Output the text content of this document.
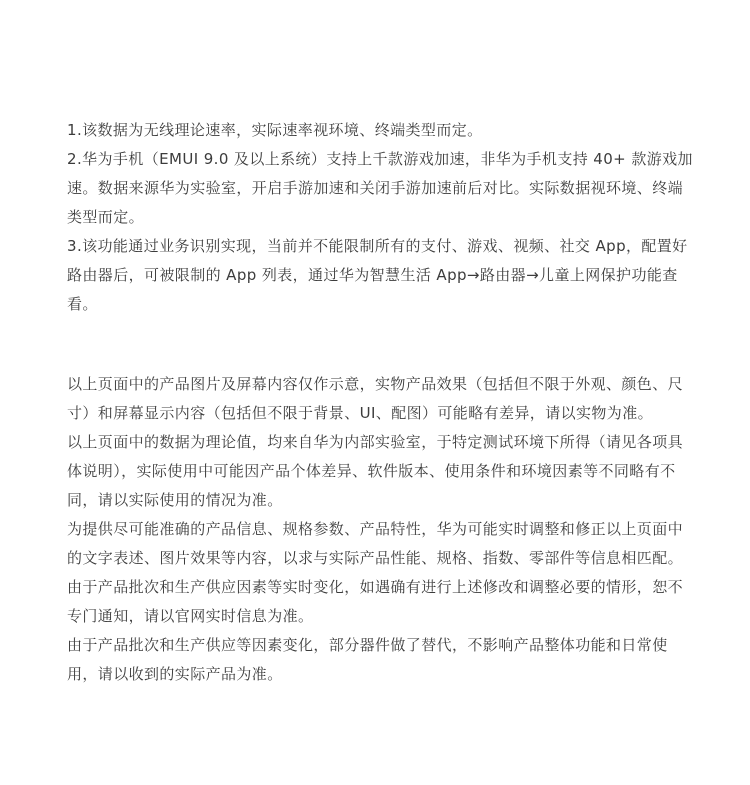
1.该数据为无线理论速率，实际速率视环境、终端类型而定。

2.华为手机（EMUI 9.0 及以上系统）支持上千款游戏加速，非华为手机支持 40+ 款游戏加速。数据来源华为实验室，开启手游加速和关闭手游加速前后对比。实际数据视环境、终端类型而定。

3.该功能通过业务识别实现，当前并不能限制所有的支付、游戏、视频、社交 App，配置好路由器后，可被限制的 App 列表，通过华为智慧生活 App→路由器→儿童上网保护功能查看。

以上页面中的产品图片及屏幕内容仅作示意，实物产品效果（包括但不限于外观、颜色、尺寸）和屏幕显示内容（包括但不限于背景、UI、配图）可能略有差异，请以实物为准。

以上页面中的数据为理论值，均来自华为内部实验室，于特定测试环境下所得（请见各项具体说明），实际使用中可能因产品个体差异、软件版本、使用条件和环境因素等不同略有不同，请以实际使用的情况为准。

为提供尽可能准确的产品信息、规格参数、产品特性，华为可能实时调整和修正以上页面中的文字表述、图片效果等内容，以求与实际产品性能、规格、指数、零部件等信息相匹配。由于产品批次和生产供应因素等实时变化，如遇确有进行上述修改和调整必要的情形，恕不专门通知，请以官网实时信息为准。

由于产品批次和生产供应等因素变化，部分器件做了替代，不影响产品整体功能和日常使用，请以收到的实际产品为准。
